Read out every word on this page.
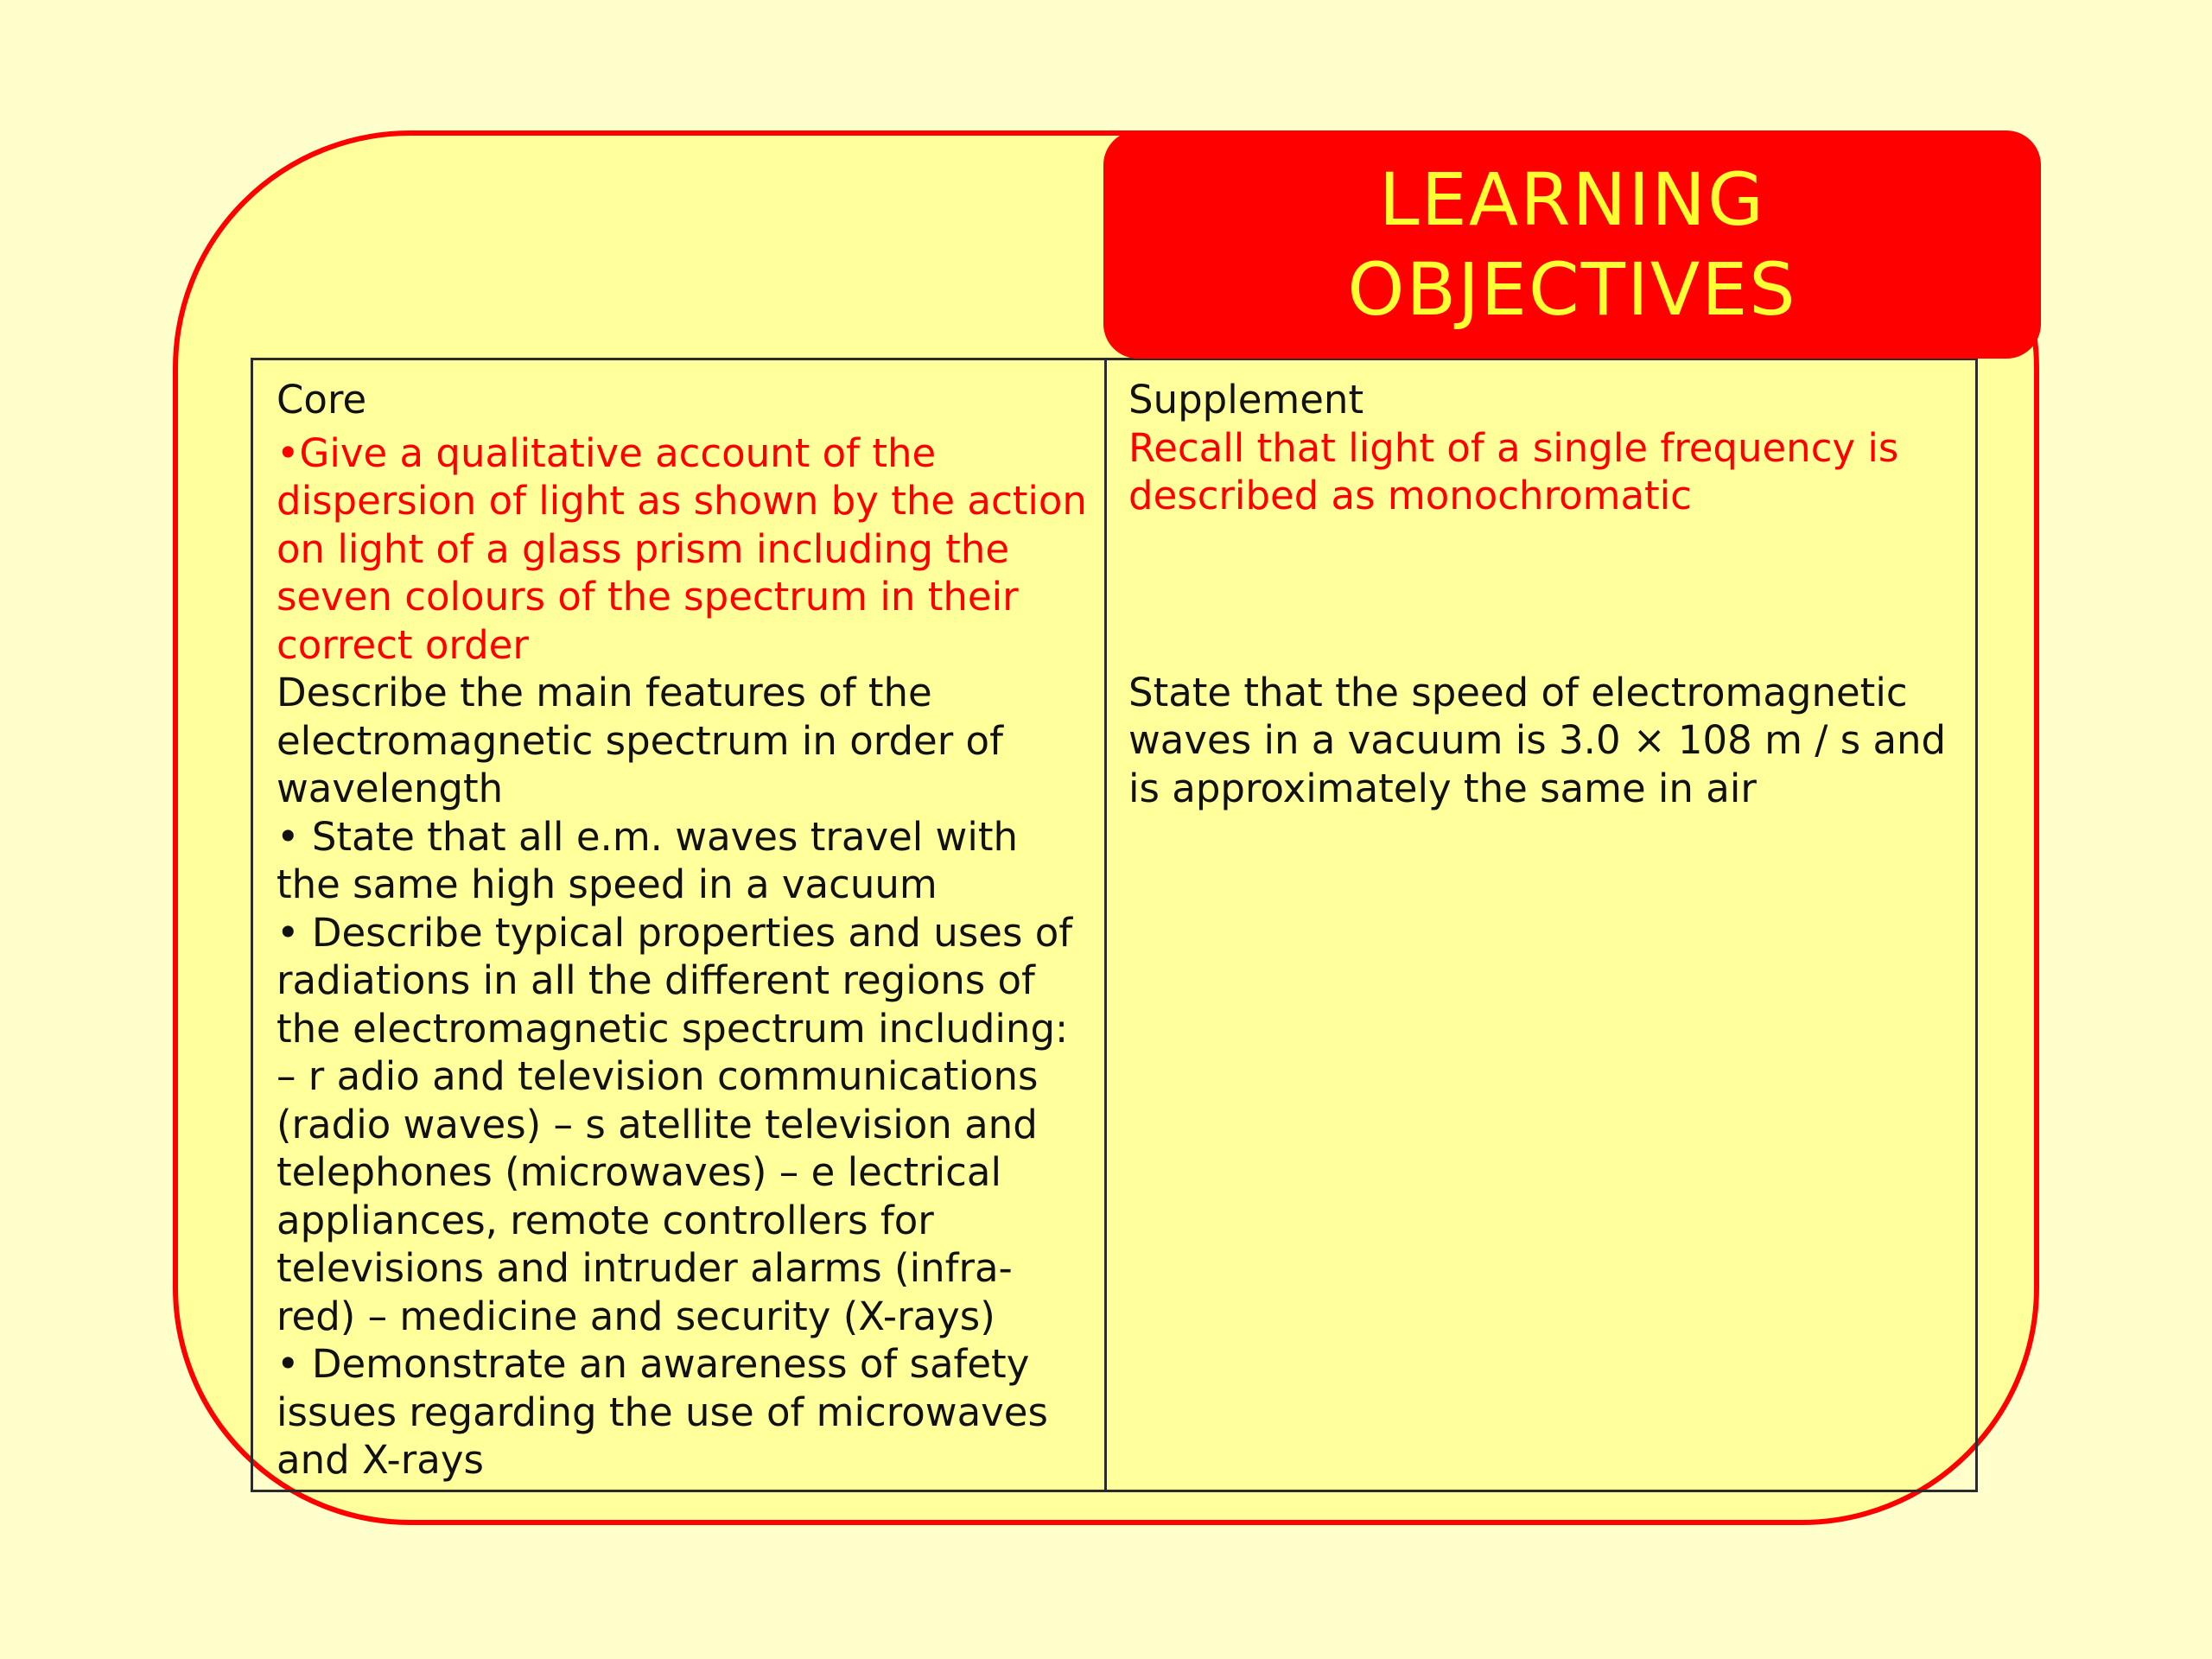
LEARNING
OBJECTIVES

Core

•Give a qualitative account of the dispersion of light as shown by the action on light of a glass prism including the seven colours of the spectrum in their correct order

Describe the main features of the electromagnetic spectrum in order of wavelength

• State that all e.m. waves travel with the same high speed in a vacuum

• Describe typical properties and uses of radiations in all the different regions of the electromagnetic spectrum including: – r adio and television communications (radio waves) – s atellite television and telephones (microwaves) – e lectrical appliances, remote controllers for televisions and intruder alarms (infra-red) – medicine and security (X-rays)

• Demonstrate an awareness of safety issues regarding the use of microwaves and X-rays

Supplement

Recall that light of a single frequency is described as monochromatic

State that the speed of electromagnetic waves in a vacuum is 3.0 × 108 m / s and is approximately the same in air
